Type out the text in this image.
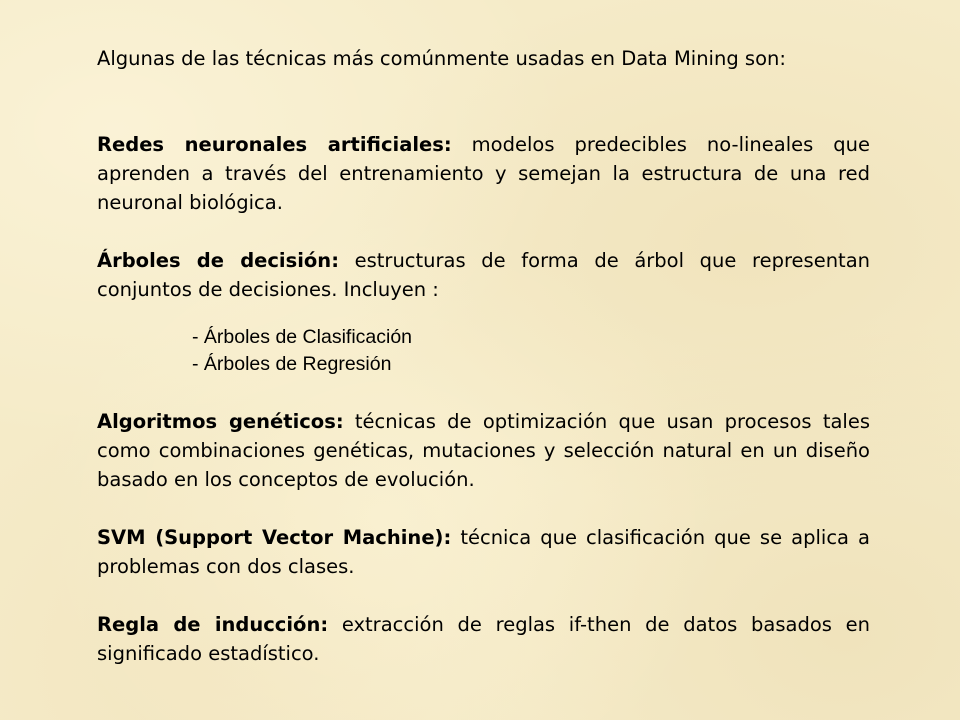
Algunas de las técnicas más comúnmente usadas en Data Mining son:

Redes neuronales artificiales: modelos predecibles no-lineales que aprenden a través del entrenamiento y semejan la estructura de una red neuronal biológica.

Árboles de decisión: estructuras de forma de árbol que representan conjuntos de decisiones. Incluyen :

- Árboles de Clasificación
- Árboles de Regresión

Algoritmos genéticos: técnicas de optimización que usan procesos tales como combinaciones genéticas, mutaciones y selección natural en un diseño basado en los conceptos de evolución.

SVM (Support Vector Machine): técnica que clasificación que se aplica a problemas con dos clases.

Regla de inducción: extracción de reglas if-then de datos basados en significado estadístico.
